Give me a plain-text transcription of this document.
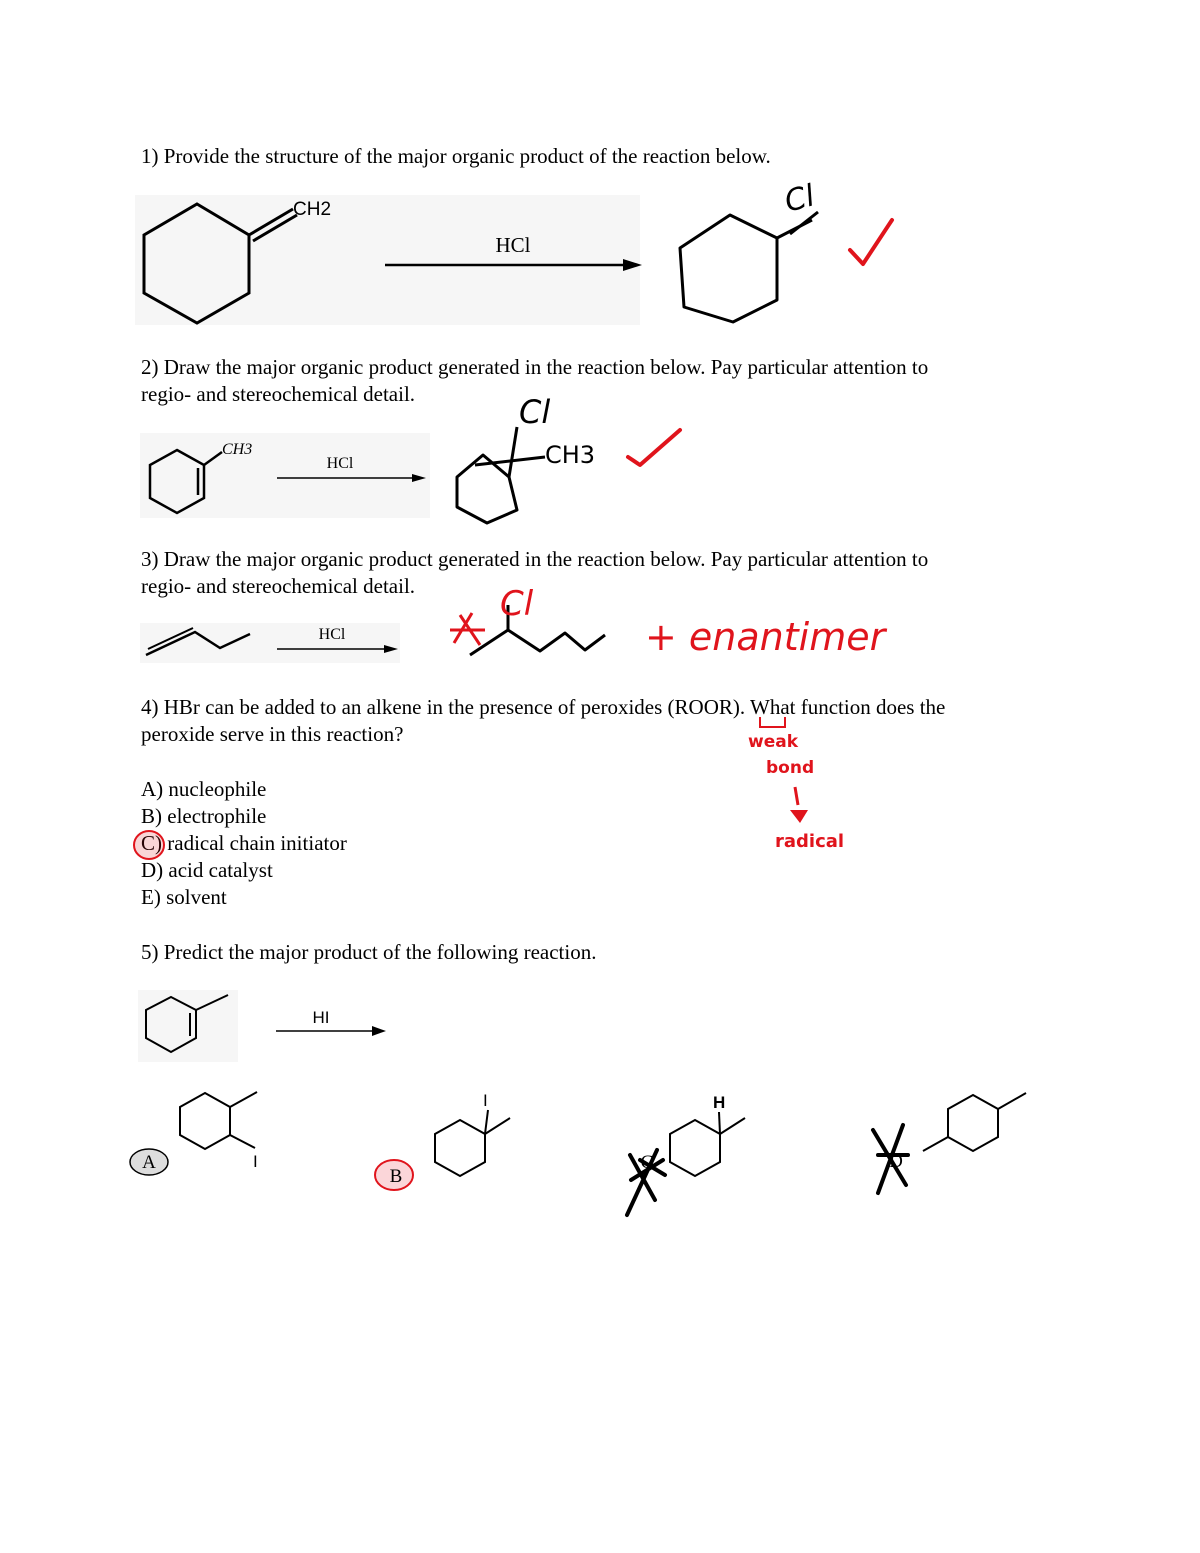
1) Provide the structure of the major organic product of the reaction below.
CH2
HCl
Cl
2) Draw the major organic product generated in the reaction below. Pay particular attention to
regio- and stereochemical detail.
CH3
HCl
Cl
CH3
3) Draw the major organic product generated in the reaction below. Pay particular attention to
regio- and stereochemical detail.
HCl
Cl
+ enantimer
4) HBr can be added to an alkene in the presence of peroxides (ROOR). What function does the
peroxide serve in this reaction?
A) nucleophile
B) electrophile
C) radical chain initiator
D) acid catalyst
E) solvent
weak
bond
radical
5) Predict the major product of the following reaction.
HI
I
A
I
B
H
C	D
